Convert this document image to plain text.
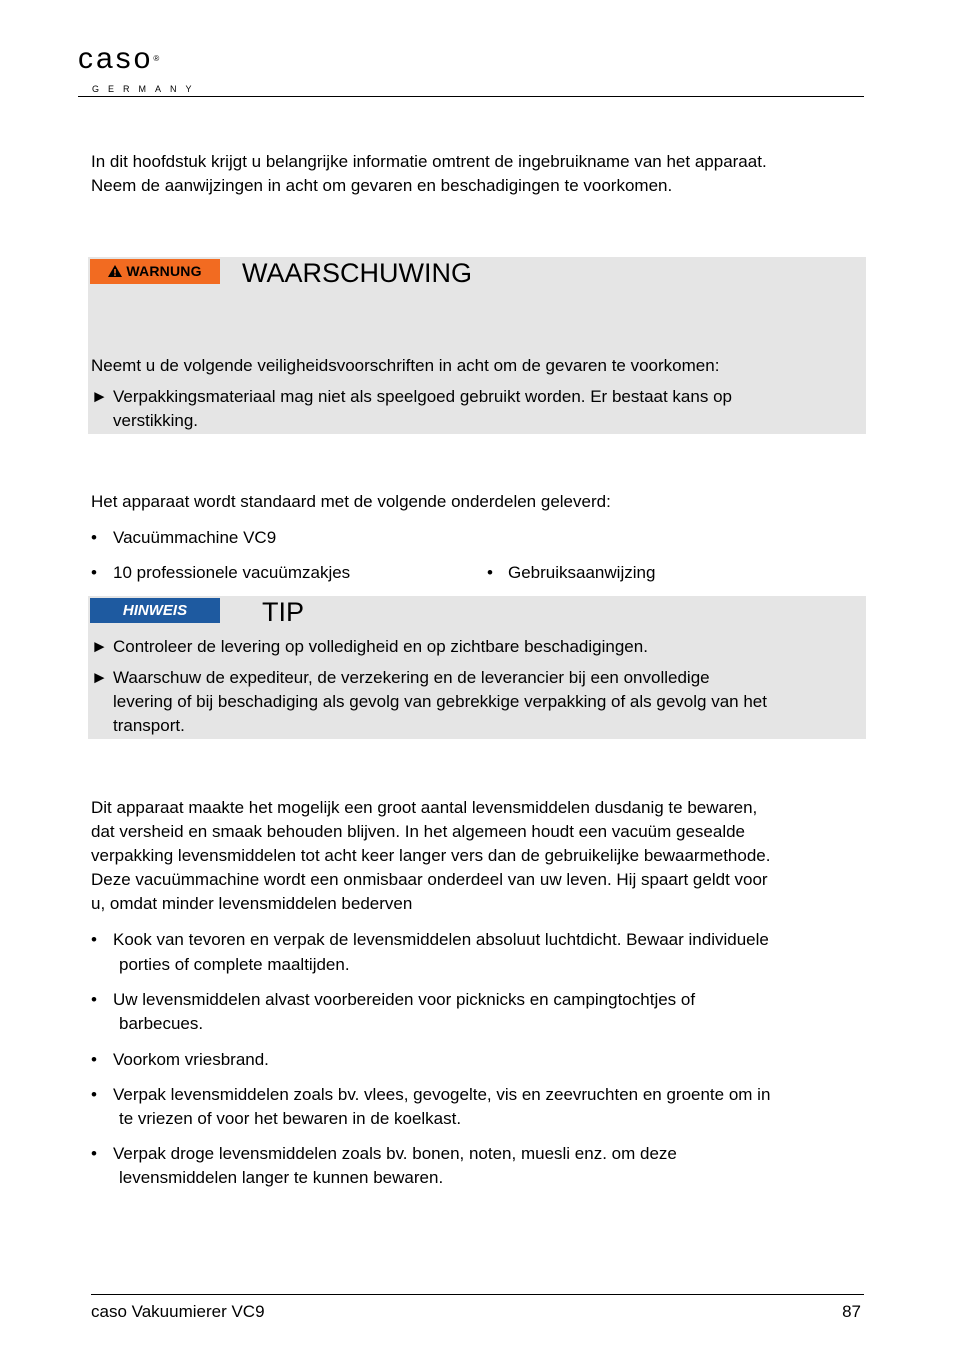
caso®
GERMANY
In dit hoofdstuk krijgt u belangrijke informatie omtrent de ingebruikname van het apparaat.
Neem de aanwijzingen in acht om gevaren en beschadigingen te voorkomen.
WARNUNG	WAARSCHUWING
Neemt u de volgende veiligheidsvoorschriften in acht om de gevaren te voorkomen:
► Verpakkingsmateriaal mag niet als speelgoed gebruikt worden. Er bestaat kans op
verstikking.
Het apparaat wordt standaard met de volgende onderdelen geleverd:
• Vacuümmachine VC9
• 10 professionele vacuümzakjes	• Gebruiksaanwijzing
HINWEIS	TIP
► Controleer de levering op volledigheid en op zichtbare beschadigingen.
► Waarschuw de expediteur, de verzekering en de leverancier bij een onvolledige
levering of bij beschadiging als gevolg van gebrekkige verpakking of als gevolg van het
transport.
Dit apparaat maakte het mogelijk een groot aantal levensmiddelen dusdanig te bewaren,
dat versheid en smaak behouden blijven. In het algemeen houdt een vacuüm gesealde
verpakking levensmiddelen tot acht keer langer vers dan de gebruikelijke bewaarmethode.
Deze vacuümmachine wordt een onmisbaar onderdeel van uw leven. Hij spaart geldt voor
u, omdat minder levensmiddelen bederven
• Kook van tevoren en verpak de levensmiddelen absoluut luchtdicht. Bewaar individuele
porties of complete maaltijden.
• Uw levensmiddelen alvast voorbereiden voor picknicks en campingtochtjes of
barbecues.
• Voorkom vriesbrand.
• Verpak levensmiddelen zoals bv. vlees, gevogelte, vis en zeevruchten en groente om in
te vriezen of voor het bewaren in de koelkast.
• Verpak droge levensmiddelen zoals bv. bonen, noten, muesli enz. om deze
levensmiddelen langer te kunnen bewaren.
caso Vakuumierer VC9	87
